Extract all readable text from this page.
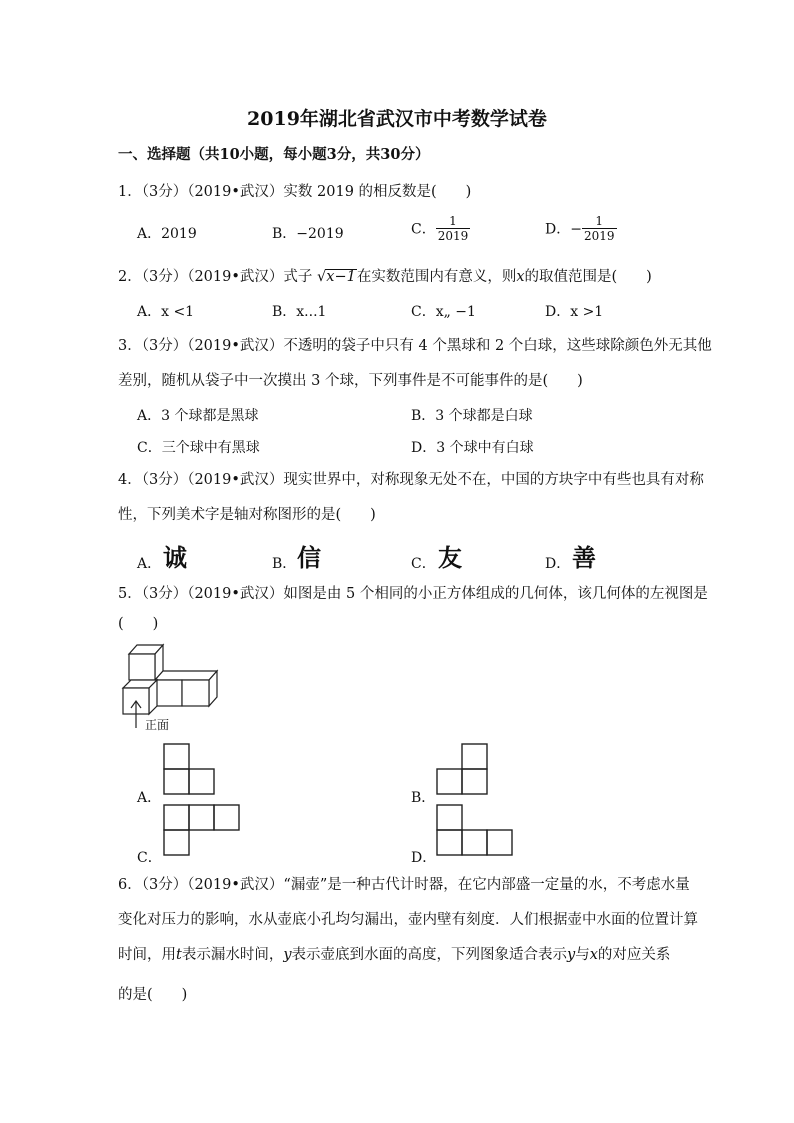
2019年湖北省武汉市中考数学试卷
一、选择题（共10小题，每小题3分，共30分）
1．（3分）（2019•武汉）实数 2019 的相反数是(　　)
A．2019	B．−2019	C． $\frac{1}{2019}$	D．− $\frac{1}{2019}$
2．（3分）（2019•武汉）式子 √x−1在实数范围内有意义，则x的取值范围是(　　)
A．x <1	B．x...1	C．x„ −1	D．x >1
3．（3分）（2019•武汉）不透明的袋子中只有 4 个黑球和 2 个白球，这些球除颜色外无其他
差别，随机从袋子中一次摸出 3 个球，下列事件是不可能事件的是(　　)
A．3 个球都是黑球	B．3 个球都是白球
C．三个球中有黑球	D．3 个球中有白球
4．（3分）（2019•武汉）现实世界中，对称现象无处不在，中国的方块字中有些也具有对称
性，下列美术字是轴对称图形的是(　　)
A． 诚	B． 信	C． 友	D． 善
5．（3分）（2019•武汉）如图是由 5 个相同的小正方体组成的几何体，该几何体的左视图是
(　　)
正面
A．	B．
C．	D．
6．（3分）（2019•武汉）“漏壶”是一种古代计时器，在它内部盛一定量的水，不考虑水量
变化对压力的影响，水从壶底小孔均匀漏出，壶内壁有刻度．人们根据壶中水面的位置计算
时间，用t表示漏水时间，y表示壶底到水面的高度，下列图象适合表示y与x的对应关系
的是(　　)
